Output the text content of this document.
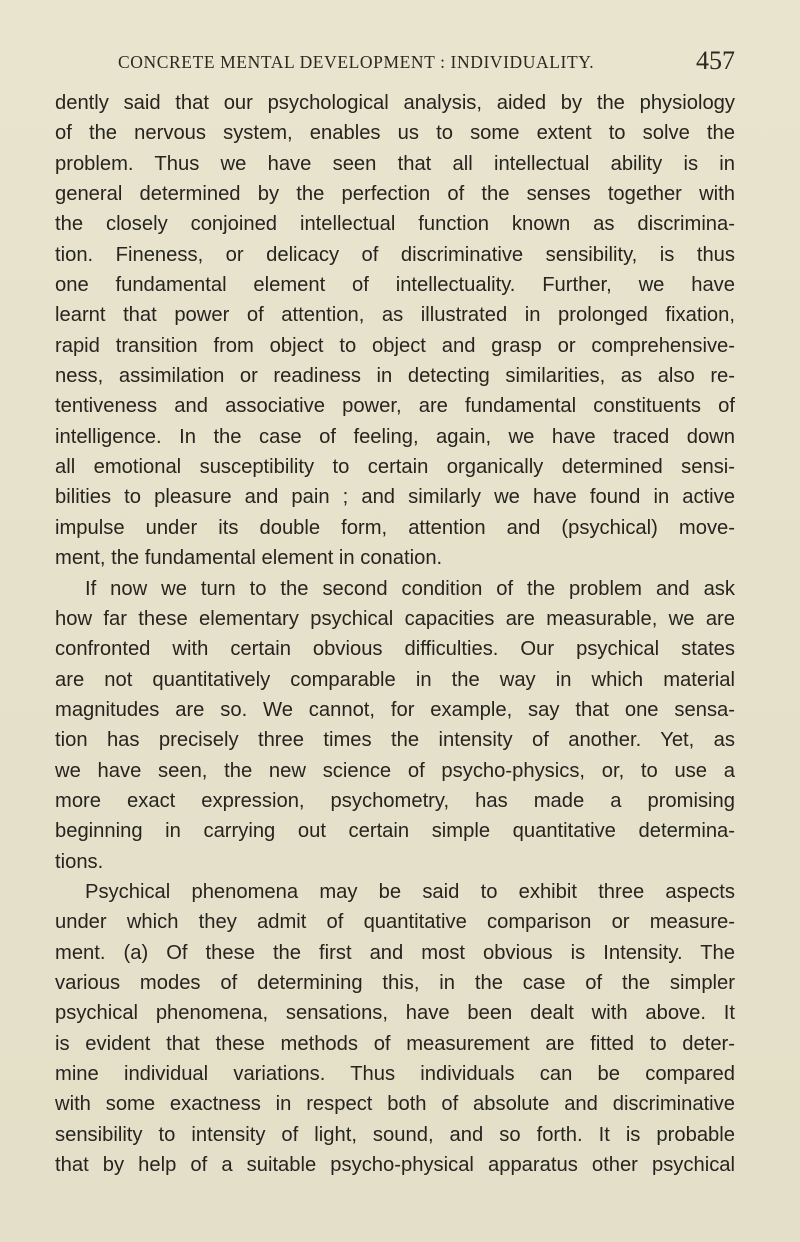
CONCRETE MENTAL DEVELOPMENT : INDIVIDUALITY.	457
dently said that our psychological analysis, aided by the physiology
of the nervous system, enables us to some extent to solve the
problem. Thus we have seen that all intellectual ability is in
general determined by the perfection of the senses together with
the closely conjoined intellectual function known as discrimina-
tion. Fineness, or delicacy of discriminative sensibility, is thus
one fundamental element of intellectuality. Further, we have
learnt that power of attention, as illustrated in prolonged fixation,
rapid transition from object to object and grasp or comprehensive-
ness, assimilation or readiness in detecting similarities, as also re-
tentiveness and associative power, are fundamental constituents of
intelligence. In the case of feeling, again, we have traced down
all emotional susceptibility to certain organically determined sensi-
bilities to pleasure and pain ; and similarly we have found in active
impulse under its double form, attention and (psychical) move-
ment, the fundamental element in conation.
If now we turn to the second condition of the problem and ask
how far these elementary psychical capacities are measurable, we are
confronted with certain obvious difficulties. Our psychical states
are not quantitatively comparable in the way in which material
magnitudes are so. We cannot, for example, say that one sensa-
tion has precisely three times the intensity of another. Yet, as
we have seen, the new science of psycho-physics, or, to use a
more exact expression, psychometry, has made a promising
beginning in carrying out certain simple quantitative determina-
tions.
Psychical phenomena may be said to exhibit three aspects
under which they admit of quantitative comparison or measure-
ment. (a) Of these the first and most obvious is Intensity. The
various modes of determining this, in the case of the simpler
psychical phenomena, sensations, have been dealt with above. It
is evident that these methods of measurement are fitted to deter-
mine individual variations. Thus individuals can be compared
with some exactness in respect both of absolute and discriminative
sensibility to intensity of light, sound, and so forth. It is probable
that by help of a suitable psycho-physical apparatus other psychical
